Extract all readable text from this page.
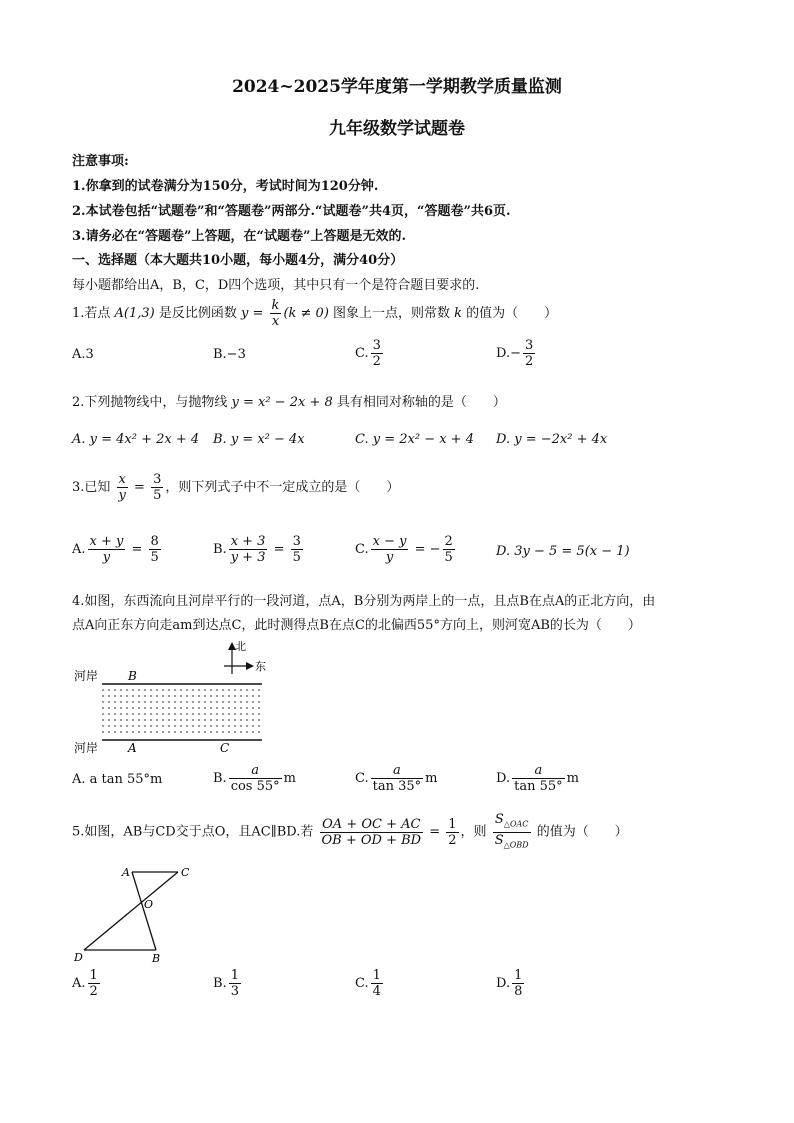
2024~2025学年度第一学期教学质量监测
九年级数学试题卷
注意事项:
1.你拿到的试卷满分为150分，考试时间为120分钟.
2.本试卷包括“试题卷”和“答题卷”两部分.“试题卷”共4页，“答题卷”共6页.
3.请务必在“答题卷”上答题，在“试题卷”上答题是无效的.
一、选择题（本大题共10小题，每小题4分，满分40分）
每小题都给出A，B，C，D四个选项，其中只有一个是符合题目要求的.
1.若点 A(1,3) 是反比例函数 $y = \frac{k}{x} (k \ne 0)$ 图象上一点，则常数 k 的值为（　　）
A.3	B.−3	C. $\frac{3}{2}$	$D.- \frac{3}{2}$
2.下列抛物线中，与抛物线 y = x² − 2x + 8 具有相同对称轴的是（　　）
A. y = 4x² + 2x + 4 B. y = x² − 4x	C. y = 2x² − x + 4 D. y = −2x² + 4x
3.已知 $\frac{x}{y} = \frac{3}{5}$ ，则下列式子中不一定成立的是（　　）
A. $\frac{x + y}{y} = \frac{8}{5}$	B. $\frac{x + 3}{y + 3} = \frac{3}{5}$	C. $\frac{x - y}{y}$ = − $\frac{2}{5}$	D. 3y − 5 = 5(x − 1)
4.如图，东西流向且河岸平行的一段河道，点A，B分别为两岸上的一点，且点B在点A的正北方向，由
点A向正东方向走am到达点C，此时测得点B在点C的北偏西55°方向上，则河宽AB的长为（　　）
北
东
河岸
河岸
B
A	C
A. a tan 55°m	B. $\frac{a}{\cos 55^\circ}$ m	C. $\frac{a}{\tan 35^\circ}$ m	D. $\frac{a}{\tan 55^\circ}$ m
5.如图，AB与CD交于点O，且AC∥BD.若 $\frac{OA + OC + AC}{OB + OD + BD} = \frac{1}{2}$ ，则 $\frac{S_{\triangle OAC}}{S_{\triangle OBD}}$ 的值为（　　）
A	C
O
D	B
A. $\frac{1}{2}$	B. $\frac{1}{3}$	C. $\frac{1}{4}$	D. $\frac{1}{8}$
